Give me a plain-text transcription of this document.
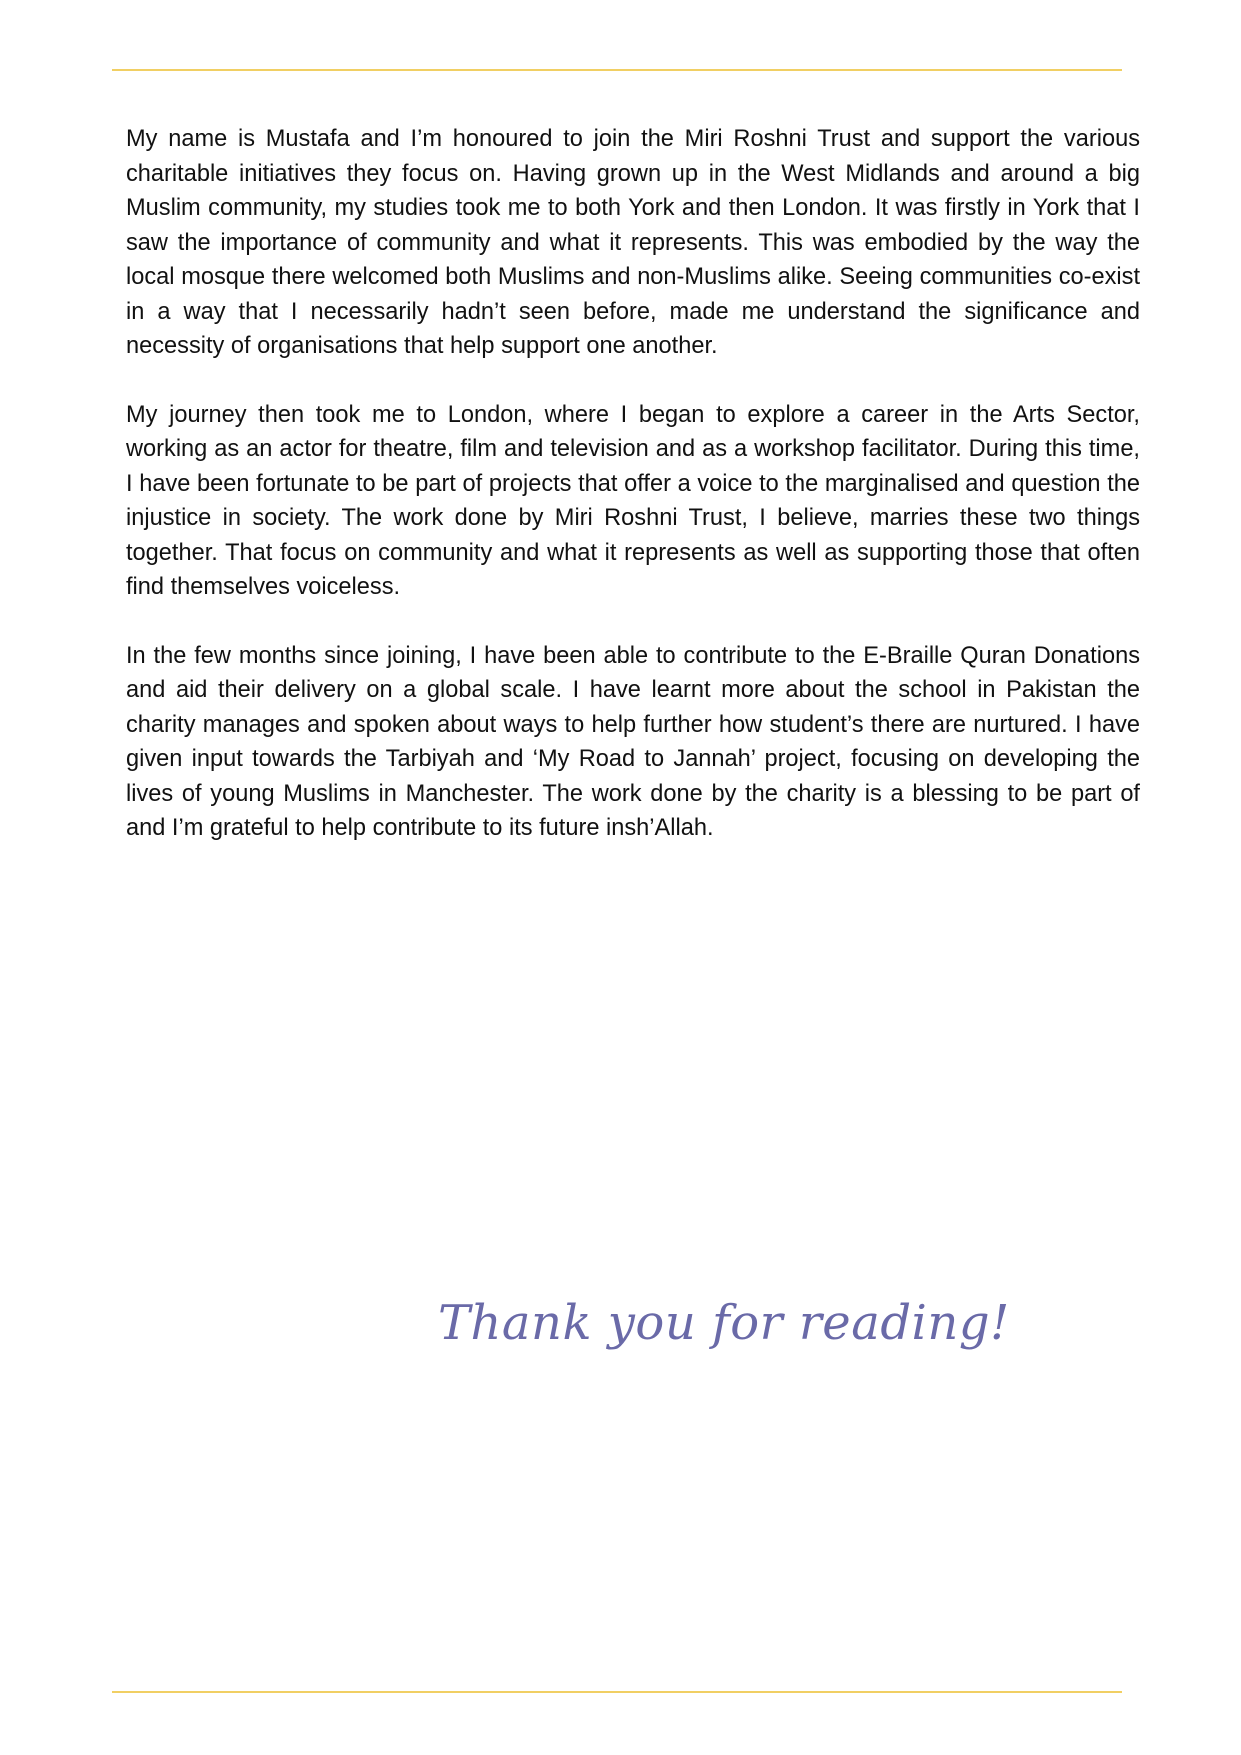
My name is Mustafa and I’m honoured to join the Miri Roshni Trust and support the various charitable initiatives they focus on. Having grown up in the West Midlands and around a big Muslim community, my studies took me to both York and then London. It was firstly in York that I saw the importance of community and what it represents. This was embodied by the way the local mosque there welcomed both Muslims and non-Muslims alike. Seeing communities co-exist in a way that I necessarily hadn’t seen before, made me understand the significance and necessity of organisations that help support one another.

My journey then took me to London, where I began to explore a career in the Arts Sector, working as an actor for theatre, film and television and as a workshop facilitator. During this time, I have been fortunate to be part of projects that offer a voice to the marginalised and question the injustice in society. The work done by Miri Roshni Trust, I believe, marries these two things together. That focus on community and what it represents as well as supporting those that often find themselves voiceless.

In the few months since joining, I have been able to contribute to the E-Braille Quran Donations and aid their delivery on a global scale. I have learnt more about the school in Pakistan the charity manages and spoken about ways to help further how student’s there are nurtured. I have given input towards the Tarbiyah and ‘My Road to Jannah’ project, focusing on developing the lives of young Muslims in Manchester. The work done by the charity is a blessing to be part of and I’m grateful to help contribute to its future insh’Allah.

Thank you for reading!
